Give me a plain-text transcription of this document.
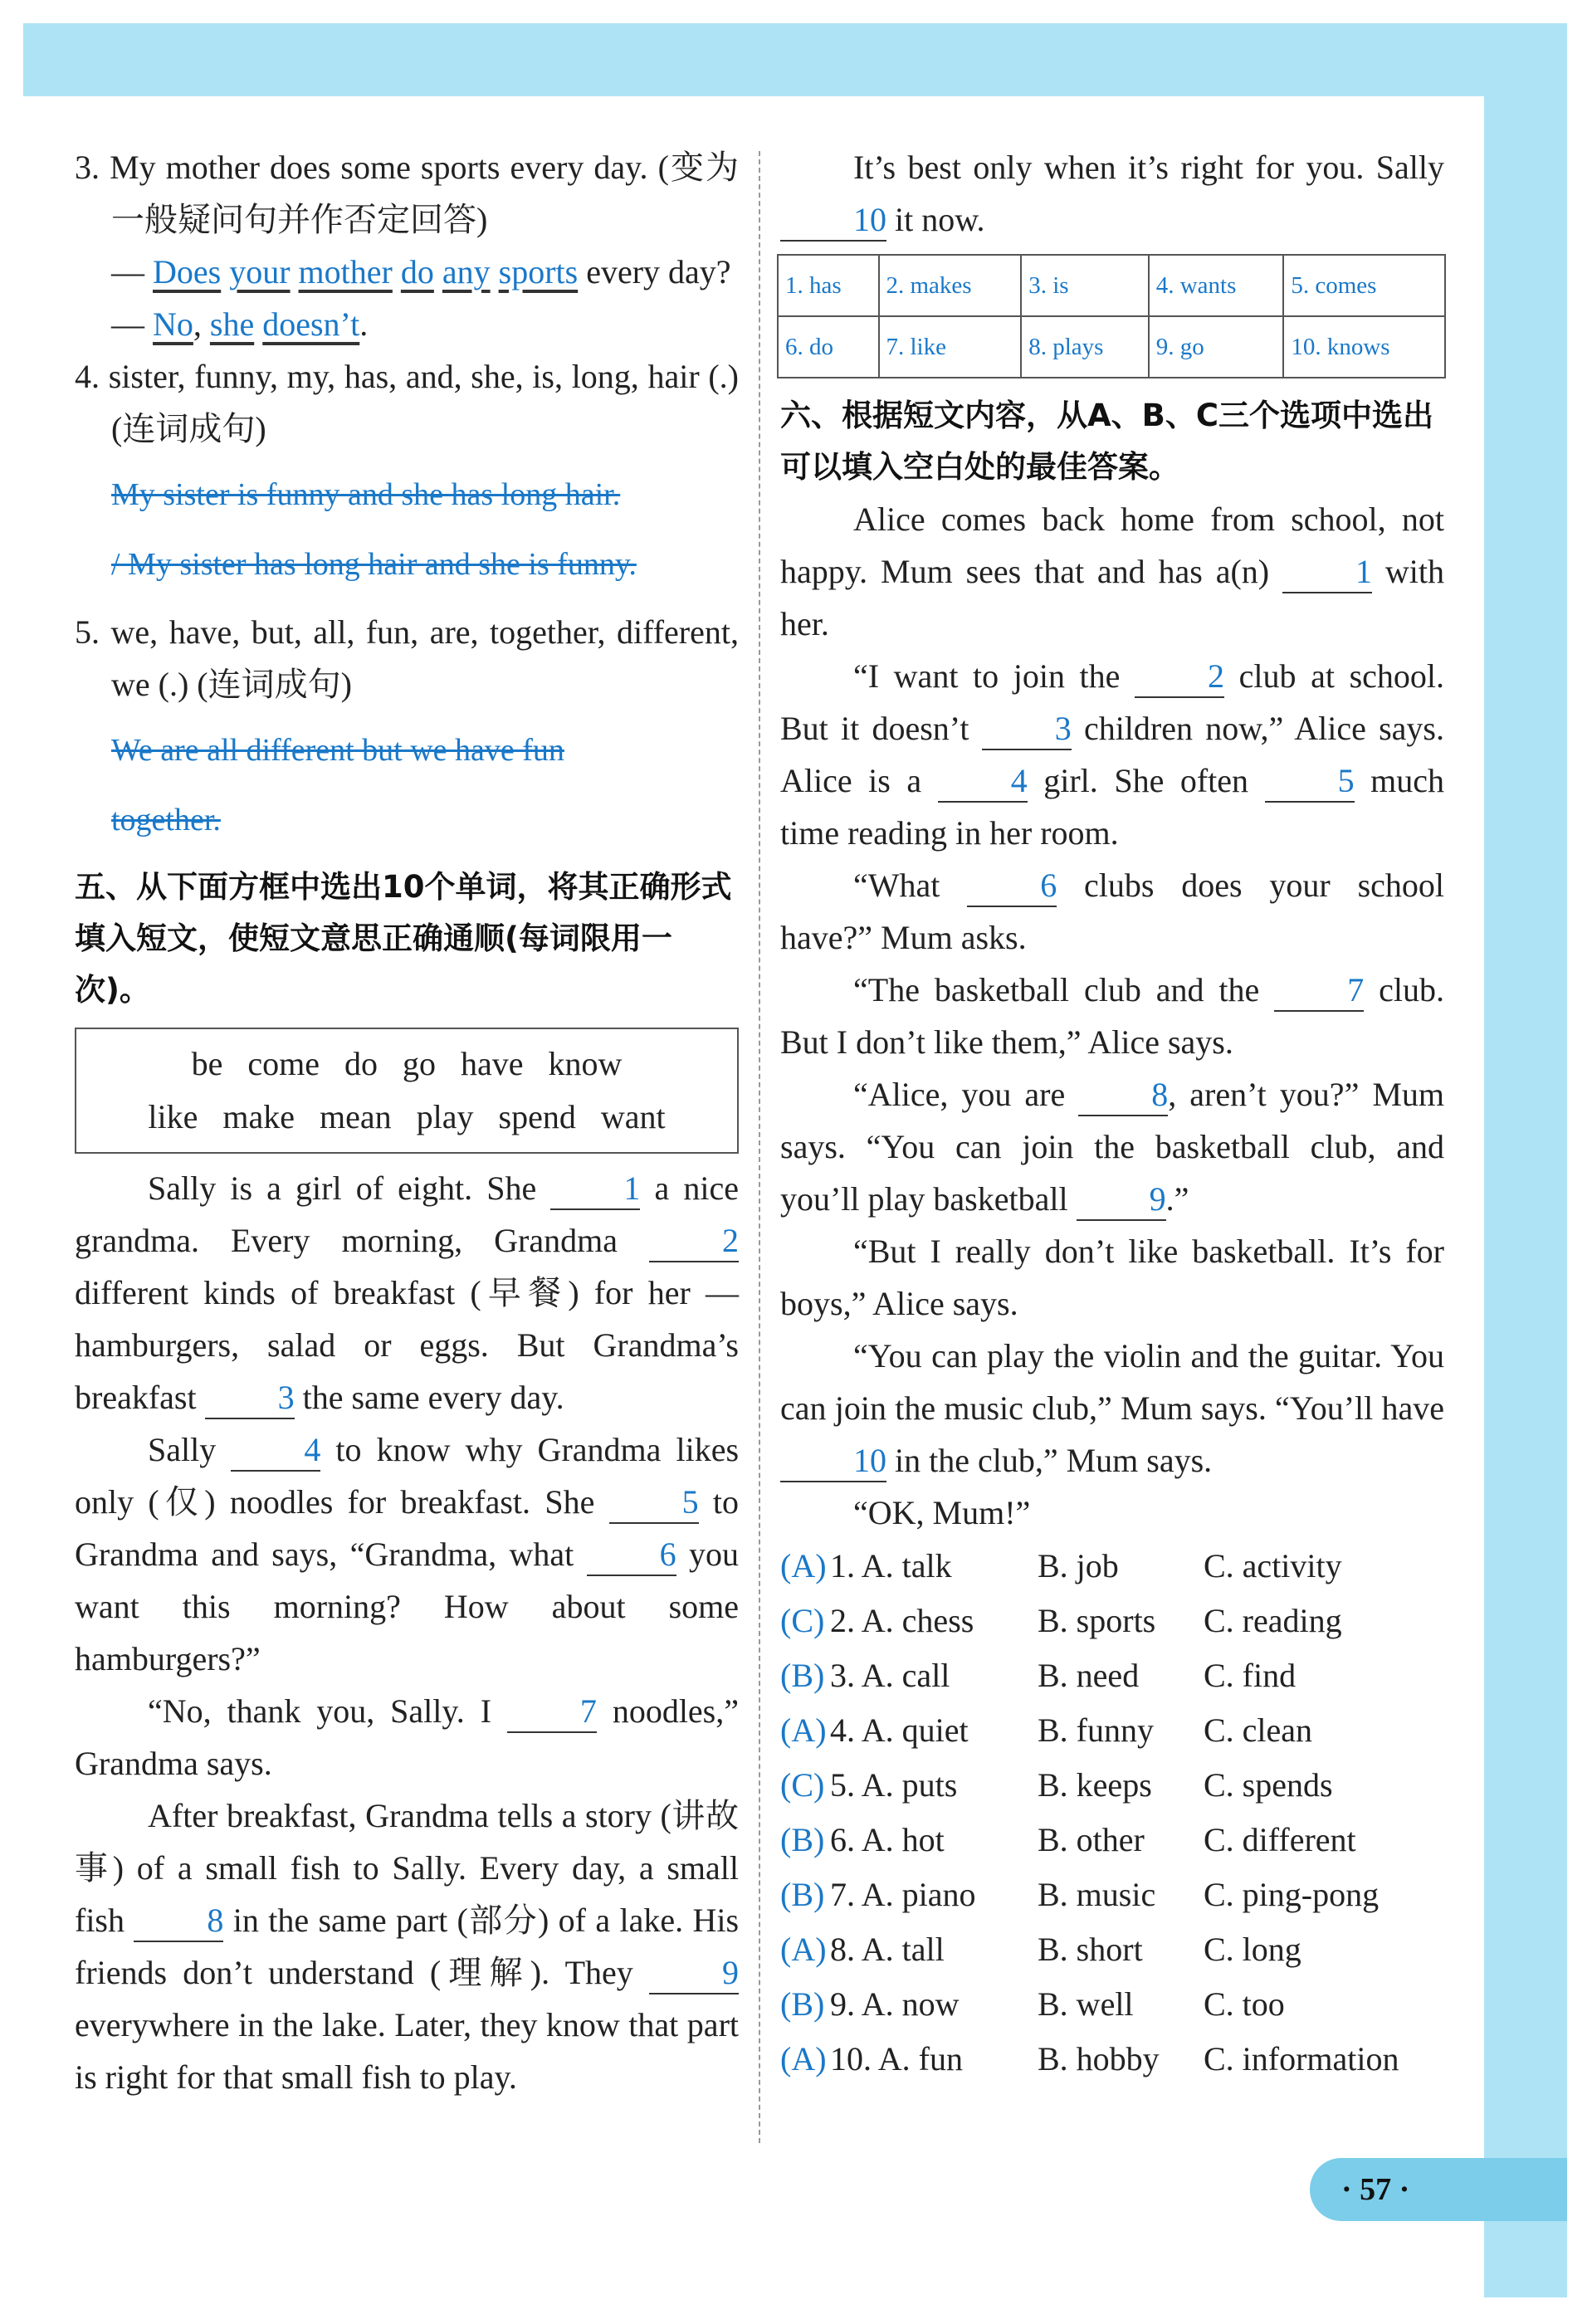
3. My mother does some sports every day. (变为一般疑问句并作否定回答)

— Does your mother do any sports every day?

— No, she doesn’t.

4. sister, funny, my, has, and, she, is, long, hair (.) (连词成句)

My sister is funny and she has long hair.
/ My sister has long hair and she is funny.

5. we, have, but, all, fun, are, together, different, we (.) (连词成句)

We are all different but we have fun
together.

五、从下面方框中选出10个单词，将其正确形式填入短文，使短文意思正确通顺(每词限用一次)。

be   come   do   go   have   know
like   make   mean   play   spend   want

Sally is a girl of eight. She	1 a nice grandma. Every morning, Grandma	2 different kinds of breakfast (早餐) for her — hamburgers, salad or eggs. But Grandma’s breakfast 3 the same every day.

Sally	4 to know why Grandma likes only (仅) noodles for breakfast. She	5 to Grandma and says, “Grandma, what	6 you want this morning? How about some hamburgers?”

“No, thank you, Sally. I	7 noodles,” Grandma says.

After breakfast, Grandma tells a story (讲故事) of a small fish to Sally. Every day, a small fish 8 in the same part (部分) of a lake. His friends don’t understand (理解). They	9 everywhere in the lake. Later, they know that part is right for that small fish to play.

It’s best only when it’s right for you. Sally 10 it now.

1. has	2. makes	3. is	4. wants	5. comes
6. do	7. like	8. plays	9. go	10. knows

六、根据短文内容，从A、B、C三个选项中选出可以填入空白处的最佳答案。

Alice comes back home from school, not happy. Mum sees that and has a(n)	1 with her.

“I want to join the	2 club at school. But it doesn’t	3 children now,” Alice says. Alice is a	4 girl. She often	5 much time reading in her room.

“What	6 clubs does your school have?” Mum asks.

“The basketball club and the	7 club. But I don’t like them,” Alice says.

“Alice, you are	8, aren’t you?” Mum says. “You can join the basketball club, and you’ll play basketball 9.”

“But I really don’t like basketball. It’s for boys,” Alice says.

“You can play the violin and the guitar. You can join the music club,” Mum says. “You’ll have 10 in the club,” Mum says.

“OK, Mum!”

(A) 1. A. talk	B. job	C. activity
(C) 2. A. chess	B. sports	C. reading
(B) 3. A. call	B. need	C. find
(A) 4. A. quiet	B. funny	C. clean
(C) 5. A. puts	B. keeps	C. spends
(B) 6. A. hot	B. other	C. different
(B) 7. A. piano	B. music	C. ping-pong
(A) 8. A. tall	B. short	C. long
(B) 9. A. now	B. well	C. too
(A) 10. A. fun	B. hobby	C. information
· 57 ·
